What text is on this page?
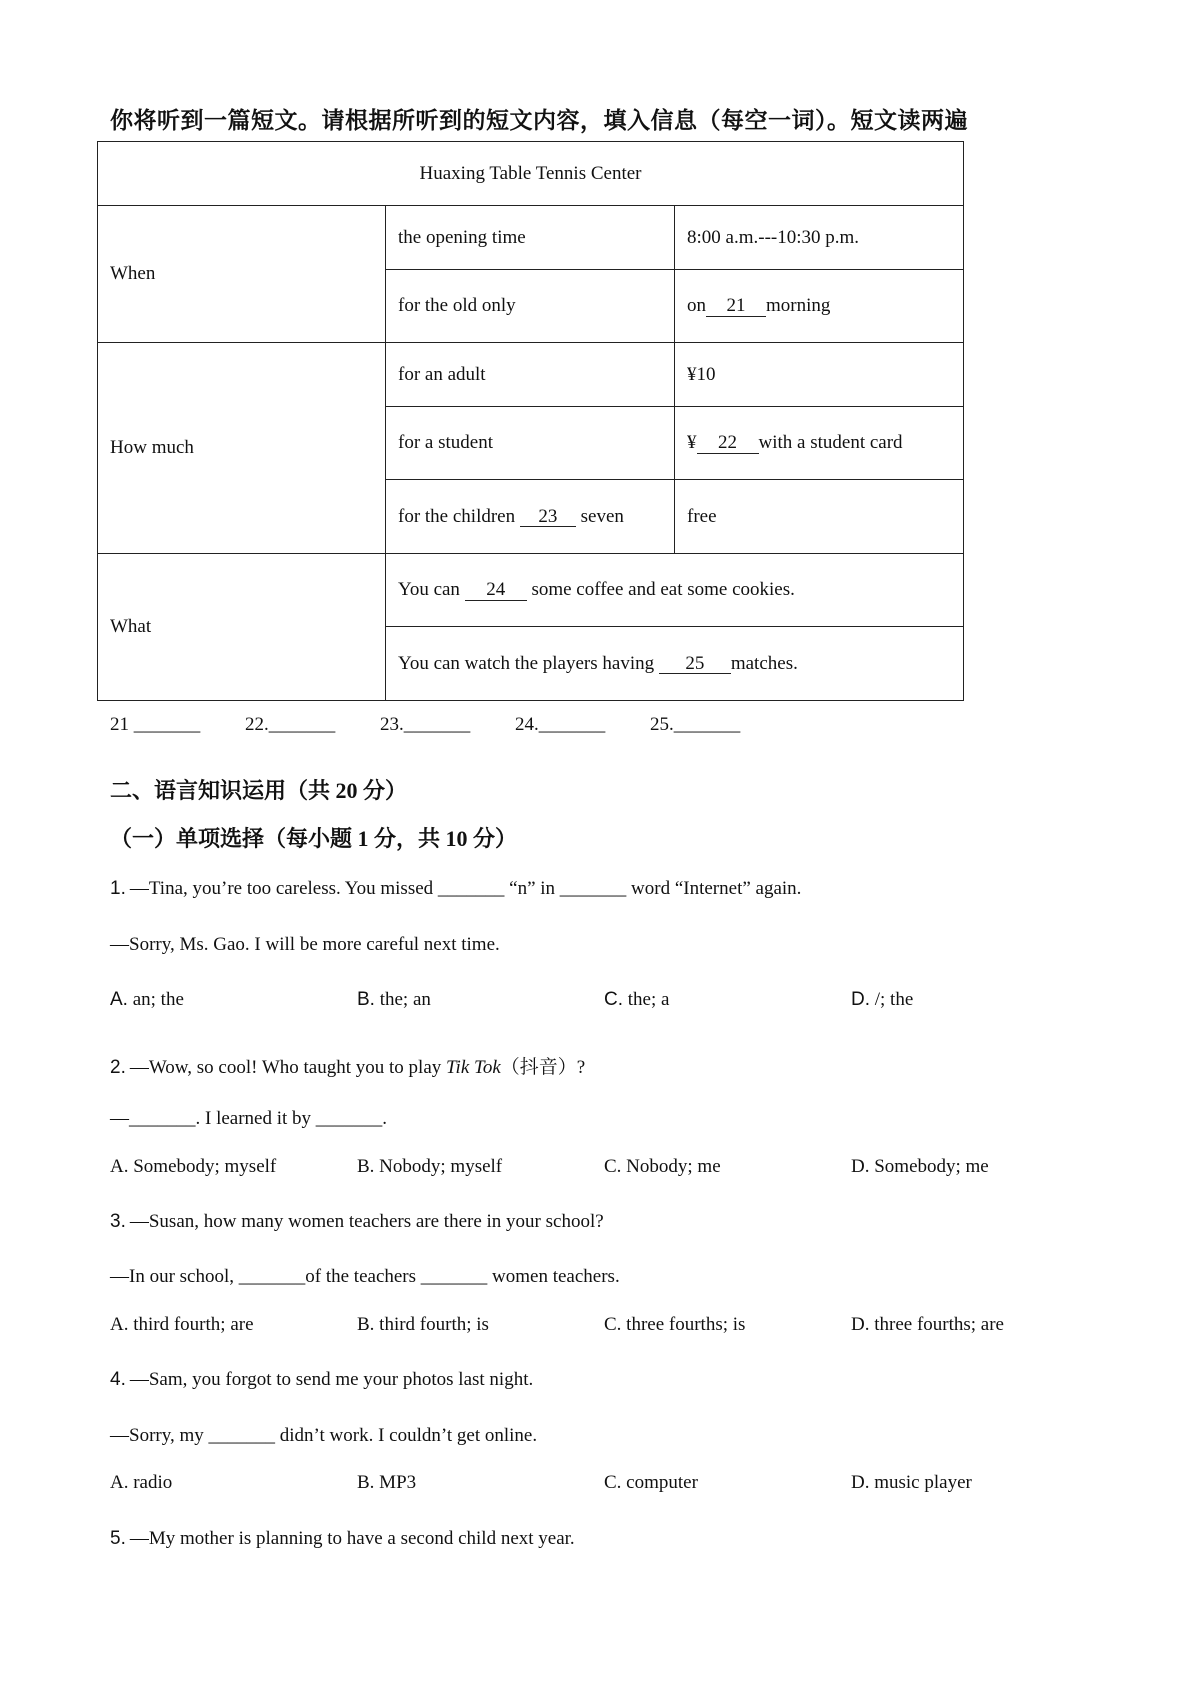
你将听到一篇短文。请根据所听到的短文内容，填入信息（每空一词）。短文读两遍
Huaxing Table Tennis Center		
When	the opening time	8:00 a.m.---10:30 p.m.
	for the old only	on 21 morning
How much	for an adult	¥10
	for a student	¥ 22 with a student card
	for the children 23 seven	free
What	You can 24 some coffee and eat some cookies.	
	You can watch the players having 25 matches.	
21 _______ 22._______ 23._______ 24._______ 25._______
二、语言知识运用（共 20 分）
（一）单项选择（每小题 1 分，共 10 分）
1. —Tina, you’re too careless. You missed _______ “n” in _______ word “Internet” again.
—Sorry, Ms. Gao. I will be more careful next time.
A. an; the	B. the; an	C. the; a	D. /; the
2. —Wow, so cool! Who taught you to play Tik Tok（抖音）?
—_______. I learned it by _______.
A. Somebody; myself	B. Nobody; myself	C. Nobody; me	D. Somebody; me
3. —Susan, how many women teachers are there in your school?
—In our school, _______of the teachers _______ women teachers.
A. third fourth; are	B. third fourth; is	C. three fourths; is	D. three fourths; are
4. —Sam, you forgot to send me your photos last night.
—Sorry, my _______ didn’t work. I couldn’t get online.
A. radio	B. MP3	C. computer	D. music player
5. —My mother is planning to have a second child next year.
